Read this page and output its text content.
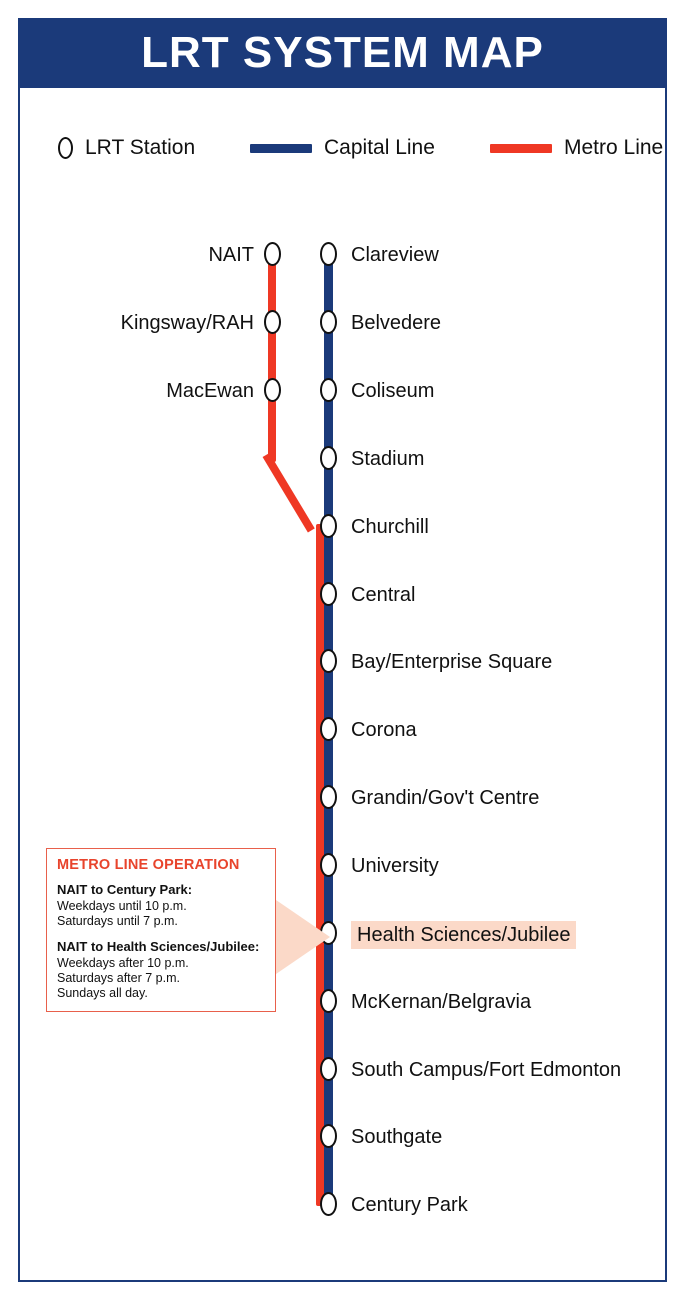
LRT SYSTEM MAP
LRT Station	Capital Line	Metro Line
NAIT
Kingsway/RAH
MacEwan
Clareview
Belvedere
Coliseum
Stadium
Churchill
Central
Bay/Enterprise Square
Corona
Grandin/Gov't Centre
University
Health Sciences/Jubilee
McKernan/Belgravia
South Campus/Fort Edmonton
Southgate
Century Park
METRO LINE OPERATION
NAIT to Century Park:
Weekdays until 10 p.m.
Saturdays until 7 p.m.
NAIT to Health Sciences/Jubilee:
Weekdays after 10 p.m.
Saturdays after 7 p.m.
Sundays all day.
